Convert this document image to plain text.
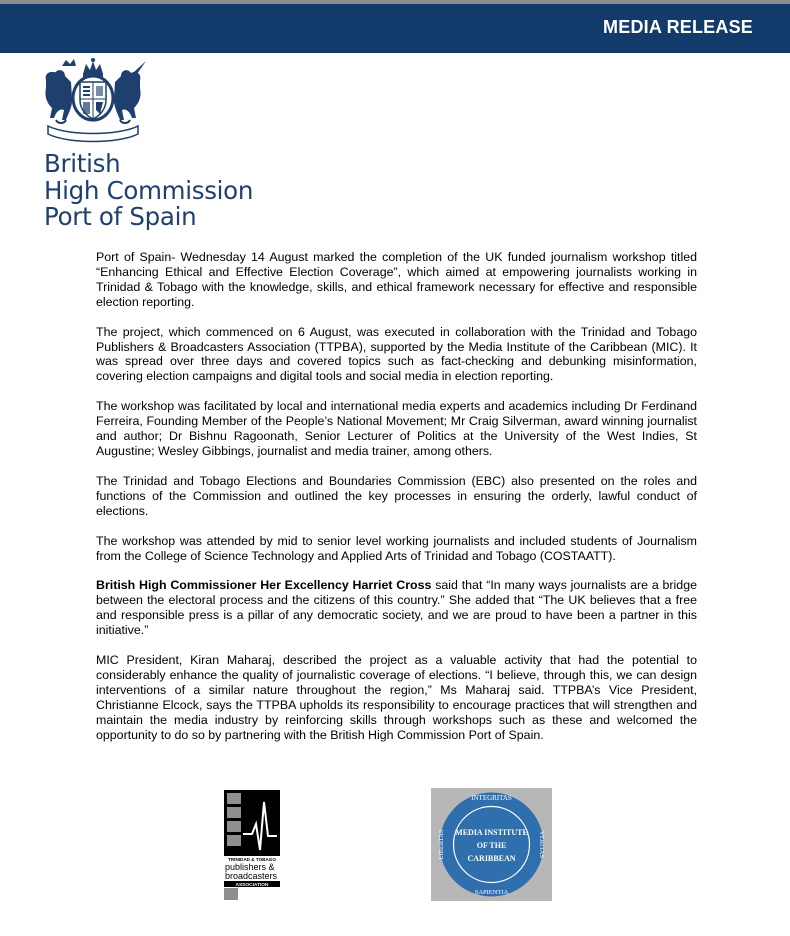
MEDIA RELEASE
British
High Commission
Port of Spain

Port of Spain- Wednesday 14 August marked the completion of the UK funded journalism workshop titled “Enhancing Ethical and Effective Election Coverage”, which aimed at empowering journalists working in Trinidad & Tobago with the knowledge, skills, and ethical framework necessary for effective and responsible election reporting.

The project, which commenced on 6 August, was executed in collaboration with the Trinidad and Tobago Publishers & Broadcasters Association (TTPBA), supported by the Media Institute of the Caribbean (MIC). It was spread over three days and covered topics such as fact-checking and debunking misinformation, covering election campaigns and digital tools and social media in election reporting.

The workshop was facilitated by local and international media experts and academics including Dr Ferdinand Ferreira, Founding Member of the People’s National Movement; Mr Craig Silverman, award winning journalist and author; Dr Bishnu Ragoonath, Senior Lecturer of Politics at the University of the West Indies, St Augustine; Wesley Gibbings, journalist and media trainer, among others.

The Trinidad and Tobago Elections and Boundaries Commission (EBC) also presented on the roles and functions of the Commission and outlined the key processes in ensuring the orderly, lawful conduct of elections.

The workshop was attended by mid to senior level working journalists and included students of Journalism from the College of Science Technology and Applied Arts of Trinidad and Tobago (COSTAATT).

British High Commissioner Her Excellency Harriet Cross said that “In many ways journalists are a bridge between the electoral process and the citizens of this country.” She added that “The UK believes that a free and responsible press is a pillar of any democratic society, and we are proud to have been a partner in this initiative.”

MIC President, Kiran Maharaj, described the project as a valuable activity that had the potential to considerably enhance the quality of journalistic coverage of elections. “I believe, through this, we can design interventions of a similar nature throughout the region,” Ms Maharaj said. TTPBA’s Vice President, Christianne Elcock, says the TTPBA upholds its responsibility to encourage practices that will strengthen and maintain the media industry by reinforcing skills through workshops such as these and welcomed the opportunity to do so by partnering with the British High Commission Port of Spain.

TRINIDAD & TOBAGO
publishers &
broadcasters
ASSOCIATION
INTEGRITAS
SAPIENTIA
VERITAS
LIBERTAS MEDIA INSTITUTE
OF THE
CARIBBEAN
